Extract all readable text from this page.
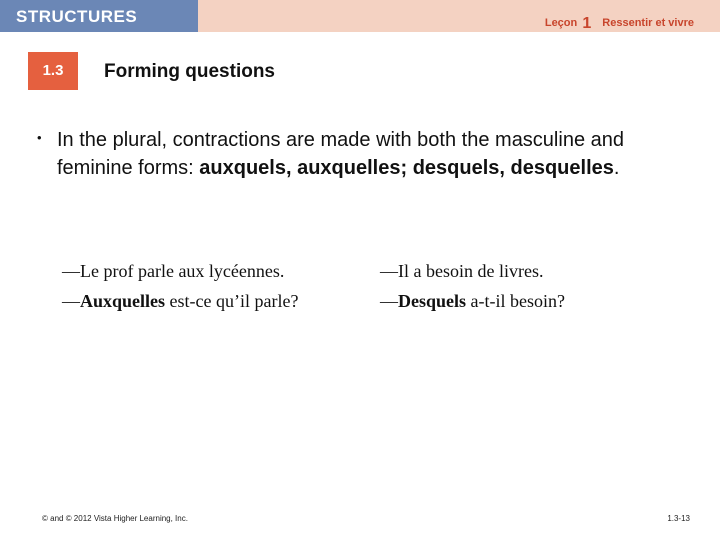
STRUCTURES	Leçon 1 Ressentir et vivre
1.3	Forming questions
• In the plural, contractions are made with both the masculine and feminine forms: auxquels, auxquelles; desquels, desquelles.
—Le prof parle aux lycéennes.
—Auxquelles est-ce qu’il parle?
—Il a besoin de livres.
—Desquels a-t-il besoin?
© and © 2012 Vista Higher Learning, Inc.	1.3-13
